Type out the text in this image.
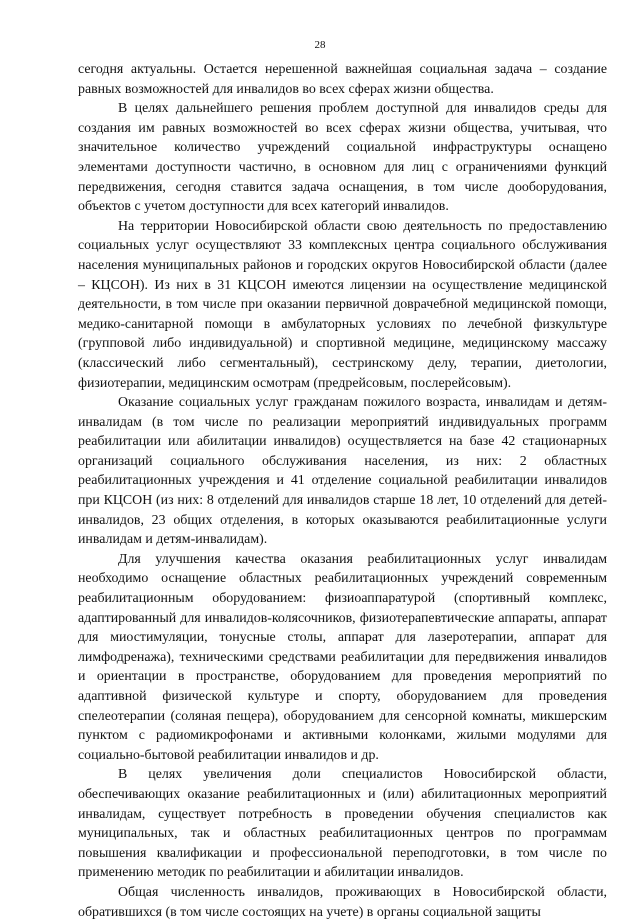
28

сегодня актуальны. Остается нерешенной важнейшая социальная задача – создание равных возможностей для инвалидов во всех сферах жизни общества.

В целях дальнейшего решения проблем доступной для инвалидов среды для создания им равных возможностей во всех сферах жизни общества, учитывая, что значительное количество учреждений социальной инфраструктуры оснащено элементами доступности частично, в основном для лиц с ограничениями функций передвижения, сегодня ставится задача оснащения, в том числе дооборудования, объектов с учетом доступности для всех категорий инвалидов.

На территории Новосибирской области свою деятельность по предоставлению социальных услуг осуществляют 33 комплексных центра социального обслуживания населения муниципальных районов и городских округов Новосибирской области (далее – КЦСОН). Из них в 31 КЦСОН имеются лицензии на осуществление медицинской деятельности, в том числе при оказании первичной доврачебной медицинской помощи, медико-санитарной помощи в амбулаторных условиях по лечебной физкультуре (групповой либо индивидуальной) и спортивной медицине, медицинскому массажу (классический либо сегментальный), сестринскому делу, терапии, диетологии, физиотерапии, медицинским осмотрам (предрейсовым, послерейсовым).

Оказание социальных услуг гражданам пожилого возраста, инвалидам и детям-инвалидам (в том числе по реализации мероприятий индивидуальных программ реабилитации или абилитации инвалидов) осуществляется на базе 42 стационарных организаций социального обслуживания населения, из них: 2 областных реабилитационных учреждения и 41 отделение социальной реабилитации инвалидов при КЦСОН (из них: 8 отделений для инвалидов старше 18 лет, 10 отделений для детей-инвалидов, 23 общих отделения, в которых оказываются реабилитационные услуги инвалидам и детям-инвалидам).

Для улучшения качества оказания реабилитационных услуг инвалидам необходимо оснащение областных реабилитационных учреждений современным реабилитационным оборудованием: физиоаппаратурой (спортивный комплекс, адаптированный для инвалидов-колясочников, физиотерапевтические аппараты, аппарат для миостимуляции, тонусные столы, аппарат для лазеротерапии, аппарат для лимфодренажа), техническими средствами реабилитации для передвижения инвалидов и ориентации в пространстве, оборудованием для проведения мероприятий по адаптивной физической культуре и спорту, оборудованием для проведения спелеотерапии (соляная пещера), оборудованием для сенсорной комнаты, микшерским пунктом с радиомикрофонами и активными колонками, жилыми модулями для социально-бытовой реабилитации инвалидов и др.

В целях увеличения доли специалистов Новосибирской области, обеспечивающих оказание реабилитационных и (или) абилитационных мероприятий инвалидам, существует потребность в проведении обучения специалистов как муниципальных, так и областных реабилитационных центров по программам повышения квалификации и профессиональной переподготовки, в том числе по применению методик по реабилитации и абилитации инвалидов.

Общая численность инвалидов, проживающих в Новосибирской области, обратившихся (в том числе состоящих на учете) в органы социальной защиты
